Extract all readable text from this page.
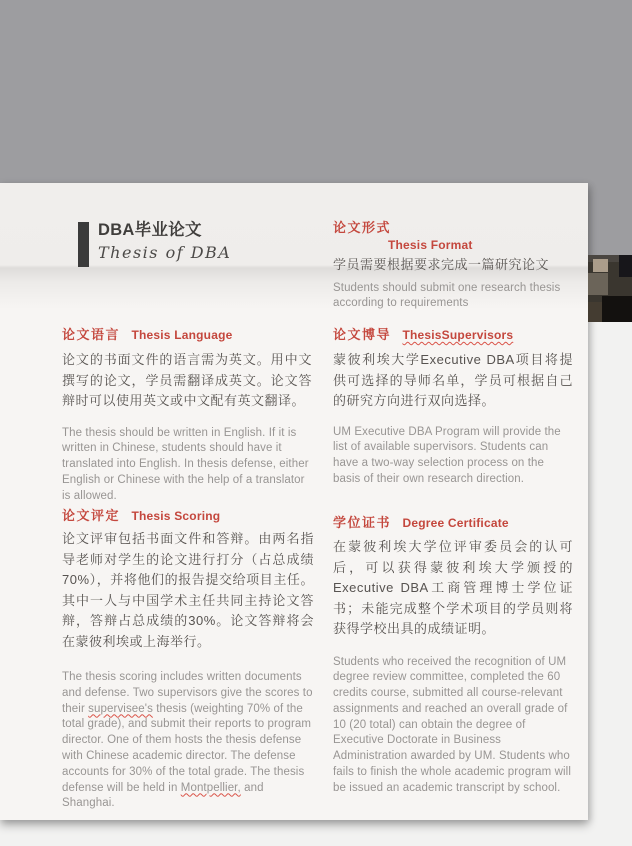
DBA毕业论文
Thesis of DBA
论文形式
Thesis Format
学员需要根据要求完成一篇研究论文
Students should submit one research thesis according to requirements
论文语言 Thesis Language
论文的书面文件的语言需为英文。用中文撰写的论文，学员需翻译成英文。论文答辩时可以使用英文或中文配有英文翻译。
The thesis should be written in English. If it is written in Chinese, students should have it translated into English. In thesis defense, either English or Chinese with the help of a translator is allowed.
论文博导 ThesisSupervisors
蒙彼利埃大学Executive DBA项目将提供可选择的导师名单，学员可根据自己的研究方向进行双向选择。
UM Executive DBA Program will provide the list of available supervisors. Students can have a two-way selection process on the basis of their own research direction.
论文评定 Thesis Scoring
论文评审包括书面文件和答辩。由两名指导老师对学生的论文进行打分（占总成绩70%），并将他们的报告提交给项目主任。其中一人与中国学术主任共同主持论文答辩，答辩占总成绩的30%。论文答辩将会在蒙彼利埃或上海举行。
The thesis scoring includes written documents and defense. Two supervisors give the scores to their supervisee's thesis (weighting 70% of the total grade), and submit their reports to program director. One of them hosts the thesis defense with Chinese academic director. The defense accounts for 30% of the total grade. The thesis defense will be held in Montpellier, and Shanghai.
学位证书 Degree Certificate
在蒙彼利埃大学位评审委员会的认可后，可以获得蒙彼利埃大学颁授的Executive DBA工商管理博士学位证书；未能完成整个学术项目的学员则将获得学校出具的成绩证明。
Students who received the recognition of UM degree review committee, completed the 60 credits course, submitted all course-relevant assignments and reached an overall grade of 10 (20 total) can obtain the degree of Executive Doctorate in Business Administration awarded by UM. Students who fails to finish the whole academic program will be issued an academic transcript by school.
